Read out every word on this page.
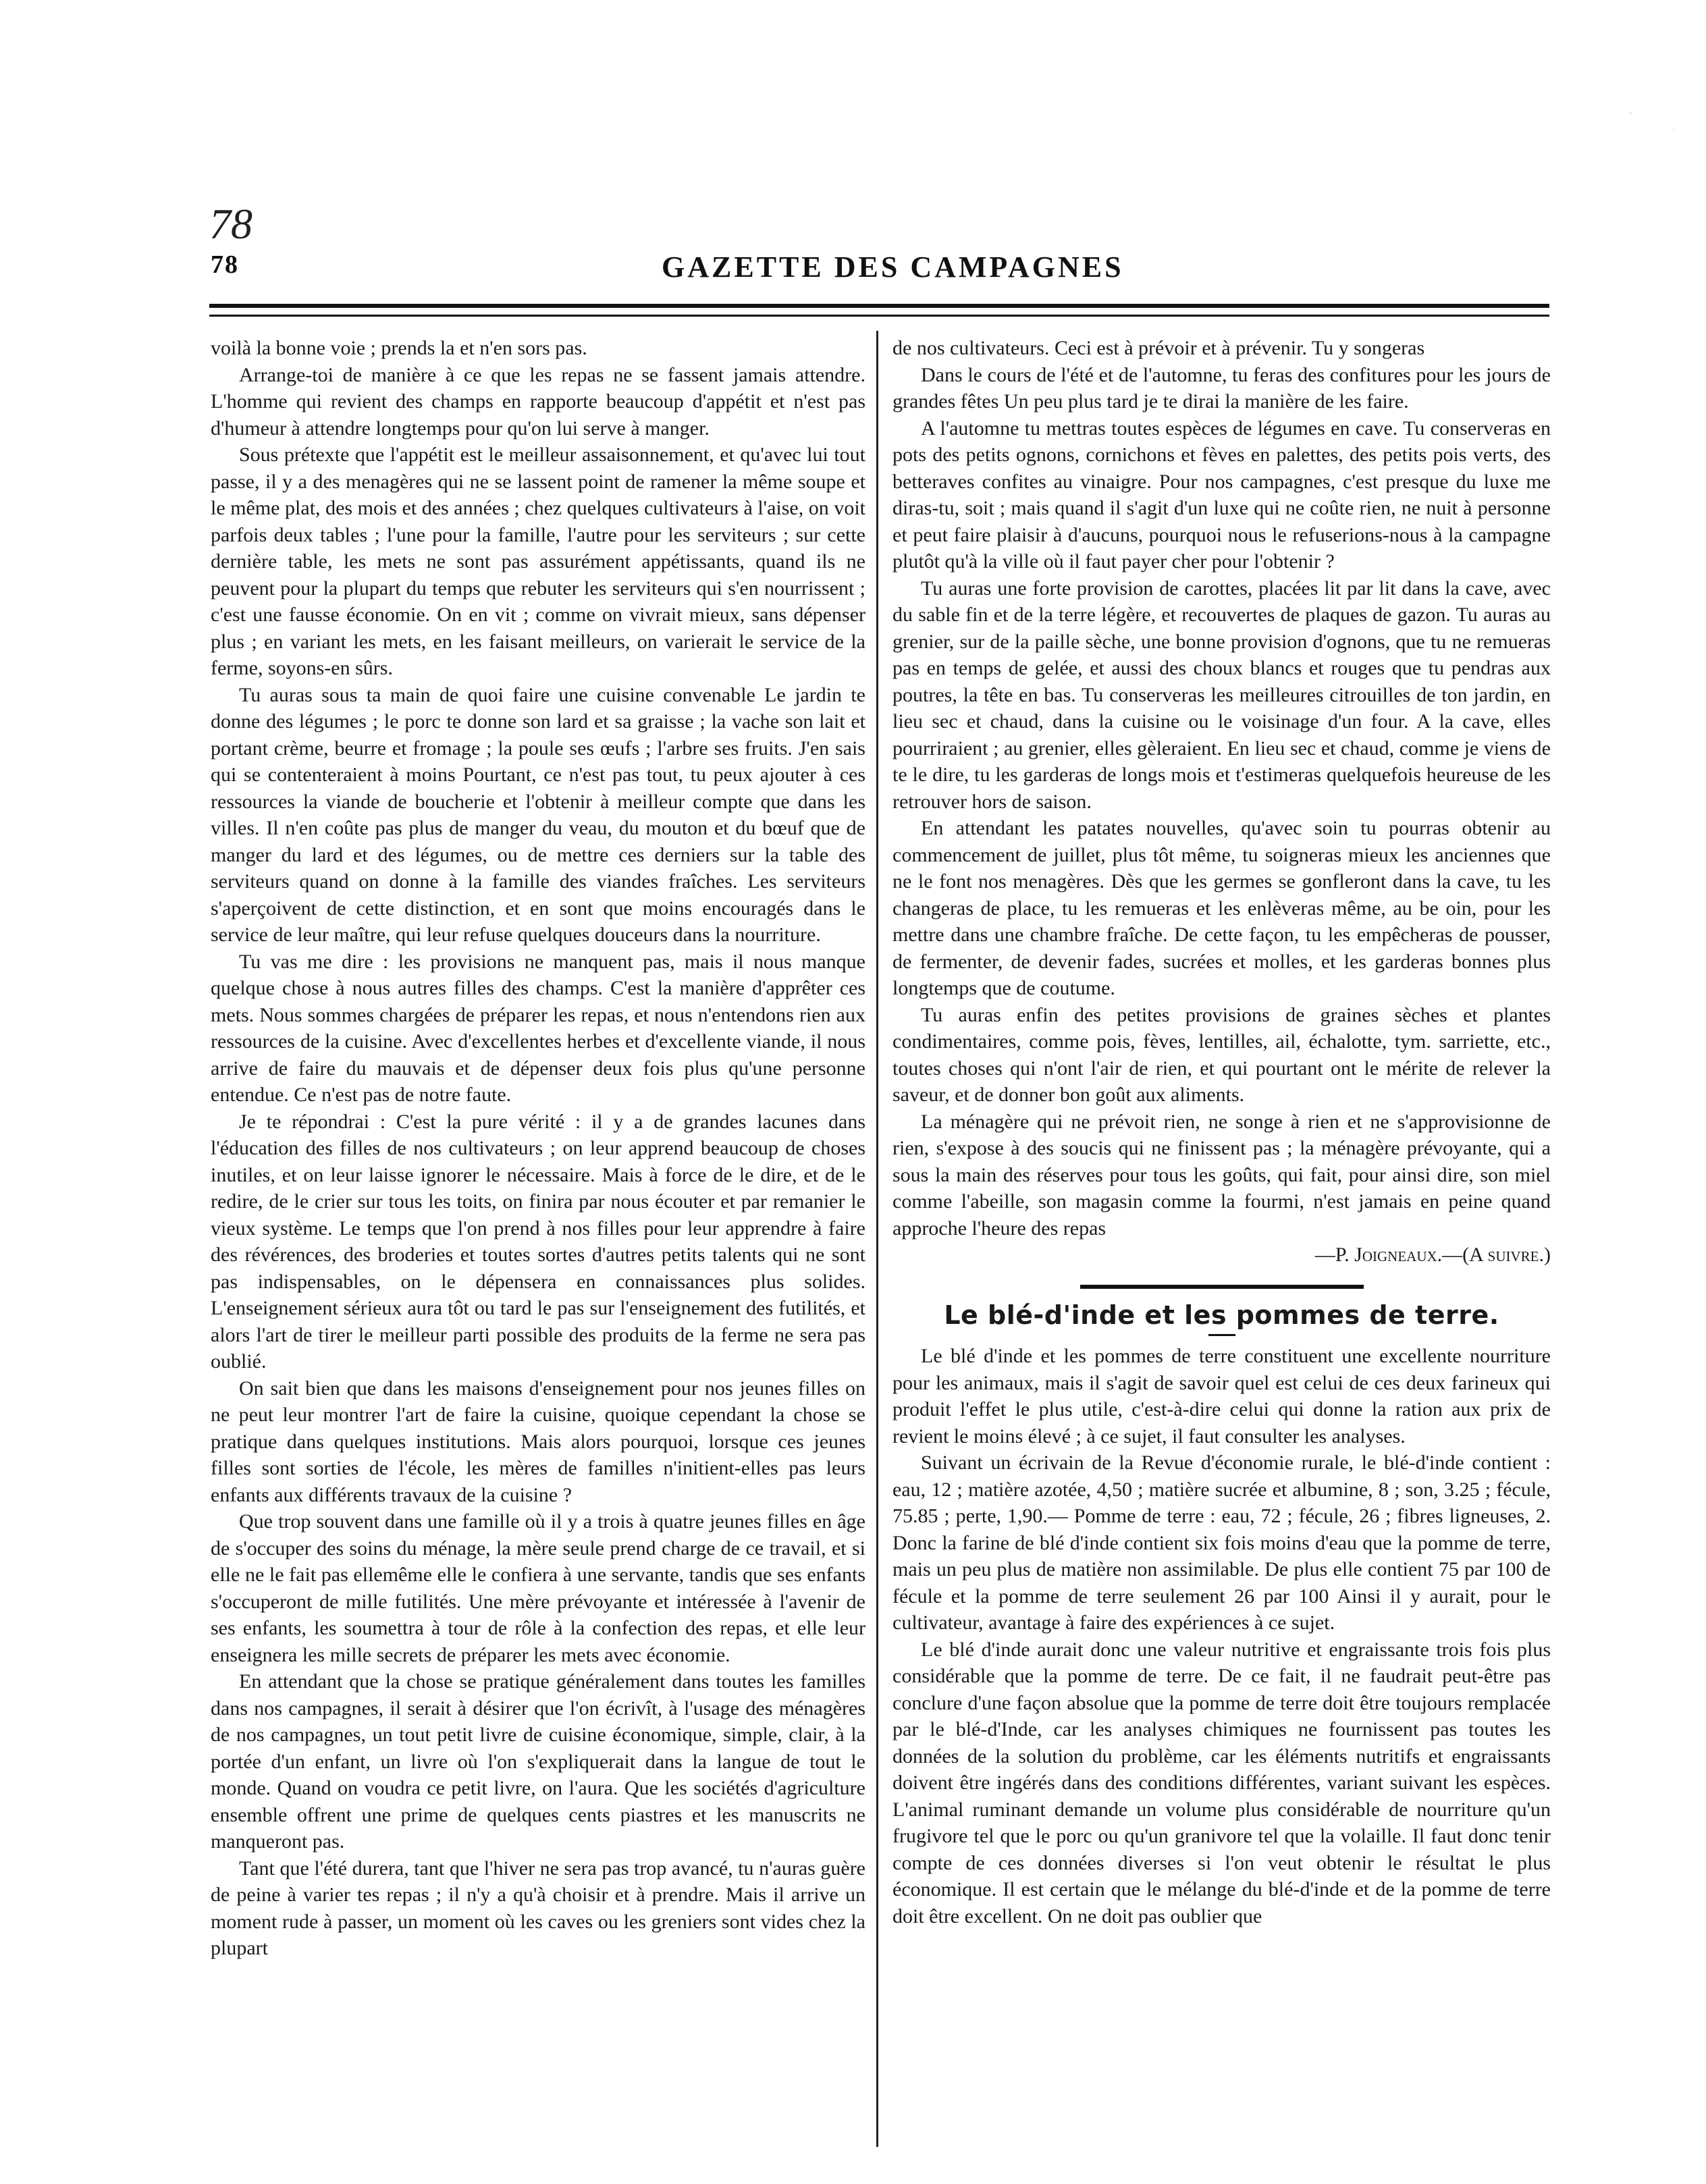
78
78	GAZETTE DES CAMPAGNES

voilà la bonne voie ; prends la et n'en sors pas.

Arrange-toi de manière à ce que les repas ne se fassent jamais attendre. L'homme qui revient des champs en rapporte beaucoup d'appétit et n'est pas d'humeur à attendre longtemps pour qu'on lui serve à manger.

Sous prétexte que l'appétit est le meilleur assaisonnement, et qu'avec lui tout passe, il y a des menagères qui ne se lassent point de ramener la même soupe et le même plat, des mois et des années ; chez quelques cultivateurs à l'aise, on voit parfois deux tables ; l'une pour la famille, l'autre pour les serviteurs ; sur cette dernière table, les mets ne sont pas assurément appétissants, quand ils ne peuvent pour la plupart du temps que rebuter les serviteurs qui s'en nourrissent ; c'est une fausse économie. On en vit ; comme on vivrait mieux, sans dépenser plus ; en variant les mets, en les faisant meilleurs, on varierait le service de la ferme, soyons-en sûrs.

Tu auras sous ta main de quoi faire une cuisine convenable Le jardin te donne des légumes ; le porc te donne son lard et sa graisse ; la vache son lait et portant crème, beurre et fromage ; la poule ses œufs ; l'arbre ses fruits. J'en sais qui se contenteraient à moins Pourtant, ce n'est pas tout, tu peux ajouter à ces ressources la viande de boucherie et l'obtenir à meilleur compte que dans les villes. Il n'en coûte pas plus de manger du veau, du mouton et du bœuf que de manger du lard et des légumes, ou de mettre ces derniers sur la table des serviteurs quand on donne à la famille des viandes fraîches. Les serviteurs s'aperçoivent de cette distinction, et en sont que moins encouragés dans le service de leur maître, qui leur refuse quelques douceurs dans la nourriture.

Tu vas me dire : les provisions ne manquent pas, mais il nous manque quelque chose à nous autres filles des champs. C'est la manière d'apprêter ces mets. Nous sommes chargées de préparer les repas, et nous n'entendons rien aux ressources de la cuisine. Avec d'excellentes herbes et d'excellente viande, il nous arrive de faire du mauvais et de dépenser deux fois plus qu'une personne entendue. Ce n'est pas de notre faute.

Je te répondrai : C'est la pure vérité : il y a de grandes lacunes dans l'éducation des filles de nos cultivateurs ; on leur apprend beaucoup de choses inutiles, et on leur laisse ignorer le nécessaire. Mais à force de le dire, et de le redire, de le crier sur tous les toits, on finira par nous écouter et par remanier le vieux système. Le temps que l'on prend à nos filles pour leur apprendre à faire des révérences, des broderies et toutes sortes d'autres petits talents qui ne sont pas indispensables, on le dépensera en connaissances plus solides. L'enseignement sérieux aura tôt ou tard le pas sur l'enseignement des futilités, et alors l'art de tirer le meilleur parti possible des produits de la ferme ne sera pas oublié.

On sait bien que dans les maisons d'enseignement pour nos jeunes filles on ne peut leur montrer l'art de faire la cuisine, quoique cependant la chose se pratique dans quelques institutions. Mais alors pourquoi, lorsque ces jeunes filles sont sorties de l'école, les mères de familles n'initient-elles pas leurs enfants aux différents travaux de la cuisine ?

Que trop souvent dans une famille où il y a trois à quatre jeunes filles en âge de s'occuper des soins du ménage, la mère seule prend charge de ce travail, et si elle ne le fait pas ellemême elle le confiera à une servante, tandis que ses enfants s'occuperont de mille futilités. Une mère prévoyante et intéressée à l'avenir de ses enfants, les soumettra à tour de rôle à la confection des repas, et elle leur enseignera les mille secrets de préparer les mets avec économie.

En attendant que la chose se pratique généralement dans toutes les familles dans nos campagnes, il serait à désirer que l'on écrivît, à l'usage des ménagères de nos campagnes, un tout petit livre de cuisine économique, simple, clair, à la portée d'un enfant, un livre où l'on s'expliquerait dans la langue de tout le monde. Quand on voudra ce petit livre, on l'aura. Que les sociétés d'agriculture ensemble offrent une prime de quelques cents piastres et les manuscrits ne manqueront pas.

Tant que l'été durera, tant que l'hiver ne sera pas trop avancé, tu n'auras guère de peine à varier tes repas ; il n'y a qu'à choisir et à prendre. Mais il arrive un moment rude à passer, un moment où les caves ou les greniers sont vides chez la plupart

de nos cultivateurs. Ceci est à prévoir et à prévenir. Tu y songeras

Dans le cours de l'été et de l'automne, tu feras des confitures pour les jours de grandes fêtes Un peu plus tard je te dirai la manière de les faire.

A l'automne tu mettras toutes espèces de légumes en cave. Tu conserveras en pots des petits ognons, cornichons et fèves en palettes, des petits pois verts, des betteraves confites au vinaigre. Pour nos campagnes, c'est presque du luxe me diras-tu, soit ; mais quand il s'agit d'un luxe qui ne coûte rien, ne nuit à personne et peut faire plaisir à d'aucuns, pourquoi nous le refuserions-nous à la campagne plutôt qu'à la ville où il faut payer cher pour l'obtenir ?

Tu auras une forte provision de carottes, placées lit par lit dans la cave, avec du sable fin et de la terre légère, et recouvertes de plaques de gazon. Tu auras au grenier, sur de la paille sèche, une bonne provision d'ognons, que tu ne remueras pas en temps de gelée, et aussi des choux blancs et rouges que tu pendras aux poutres, la tête en bas. Tu conserveras les meilleures citrouilles de ton jardin, en lieu sec et chaud, dans la cuisine ou le voisinage d'un four. A la cave, elles pourriraient ; au grenier, elles gèleraient. En lieu sec et chaud, comme je viens de te le dire, tu les garderas de longs mois et t'estimeras quelquefois heureuse de les retrouver hors de saison.

En attendant les patates nouvelles, qu'avec soin tu pourras obtenir au commencement de juillet, plus tôt même, tu soigneras mieux les anciennes que ne le font nos menagères. Dès que les germes se gonfleront dans la cave, tu les changeras de place, tu les remueras et les enlèveras même, au be oin, pour les mettre dans une chambre fraîche. De cette façon, tu les empêcheras de pousser, de fermenter, de devenir fades, sucrées et molles, et les garderas bonnes plus longtemps que de coutume.

Tu auras enfin des petites provisions de graines sèches et plantes condimentaires, comme pois, fèves, lentilles, ail, échalotte, tym. sarriette, etc., toutes choses qui n'ont l'air de rien, et qui pourtant ont le mérite de relever la saveur, et de donner bon goût aux aliments.

La ménagère qui ne prévoit rien, ne songe à rien et ne s'approvisionne de rien, s'expose à des soucis qui ne finissent pas ; la ménagère prévoyante, qui a sous la main des réserves pour tous les goûts, qui fait, pour ainsi dire, son miel comme l'abeille, son magasin comme la fourmi, n'est jamais en peine quand approche l'heure des repas

—P. Joigneaux.—(A suivre.)

Le blé-d'inde et les pommes de terre.

Le blé d'inde et les pommes de terre constituent une excellente nourriture pour les animaux, mais il s'agit de savoir quel est celui de ces deux farineux qui produit l'effet le plus utile, c'est-à-dire celui qui donne la ration aux prix de revient le moins élevé ; à ce sujet, il faut consulter les analyses.

Suivant un écrivain de la Revue d'économie rurale, le blé-d'inde contient : eau, 12 ; matière azotée, 4,50 ; matière sucrée et albumine, 8 ; son, 3.25 ; fécule, 75.85 ; perte, 1,90.— Pomme de terre : eau, 72 ; fécule, 26 ; fibres ligneuses, 2. Donc la farine de blé d'inde contient six fois moins d'eau que la pomme de terre, mais un peu plus de matière non assimilable. De plus elle contient 75 par 100 de fécule et la pomme de terre seulement 26 par 100 Ainsi il y aurait, pour le cultivateur, avantage à faire des expériences à ce sujet.

Le blé d'inde aurait donc une valeur nutritive et engraissante trois fois plus considérable que la pomme de terre. De ce fait, il ne faudrait peut-être pas conclure d'une façon absolue que la pomme de terre doit être toujours remplacée par le blé-d'Inde, car les analyses chimiques ne fournissent pas toutes les données de la solution du problème, car les éléments nutritifs et engraissants doivent être ingérés dans des conditions différentes, variant suivant les espèces. L'animal ruminant demande un volume plus considérable de nourriture qu'un frugivore tel que le porc ou qu'un granivore tel que la volaille. Il faut donc tenir compte de ces données diverses si l'on veut obtenir le résultat le plus économique. Il est certain que le mélange du blé-d'inde et de la pomme de terre doit être excellent. On ne doit pas oublier que
